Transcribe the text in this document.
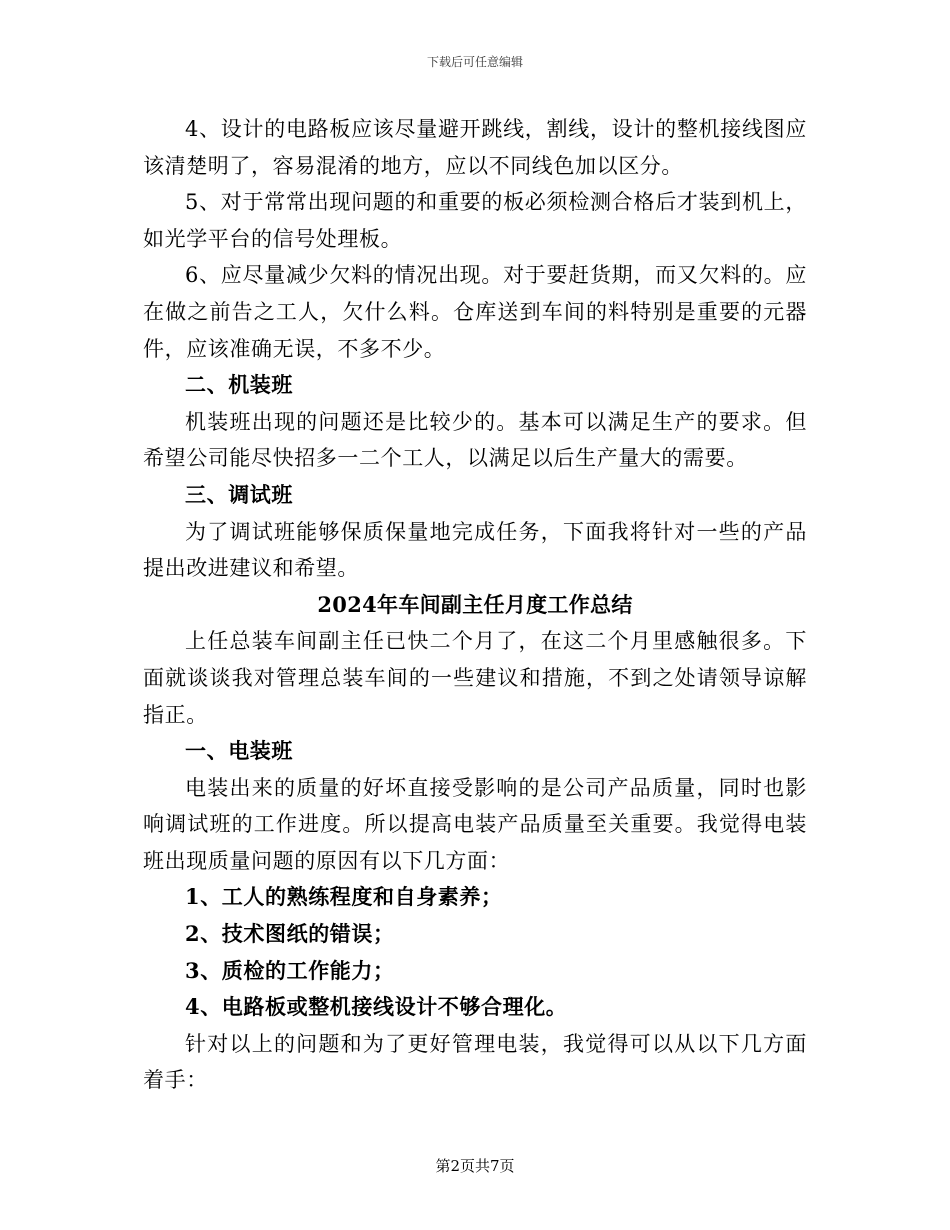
下载后可任意编辑

4、设计的电路板应该尽量避开跳线，割线，设计的整机接线图应该清楚明了，容易混淆的地方，应以不同线色加以区分。

5、对于常常出现问题的和重要的板必须检测合格后才装到机上，如光学平台的信号处理板。

6、应尽量减少欠料的情况出现。对于要赶货期，而又欠料的。应在做之前告之工人，欠什么料。仓库送到车间的料特别是重要的元器件，应该准确无误，不多不少。

二、机装班

机装班出现的问题还是比较少的。基本可以满足生产的要求。但希望公司能尽快招多一二个工人，以满足以后生产量大的需要。

三、调试班

为了调试班能够保质保量地完成任务，下面我将针对一些的产品提出改进建议和希望。

2024年车间副主任月度工作总结

上任总装车间副主任已快二个月了，在这二个月里感触很多。下面就谈谈我对管理总装车间的一些建议和措施，不到之处请领导谅解指正。

一、电装班

电装出来的质量的好坏直接受影响的是公司产品质量，同时也影响调试班的工作进度。所以提高电装产品质量至关重要。我觉得电装班出现质量问题的原因有以下几方面：

1、工人的熟练程度和自身素养；

2、技术图纸的错误；

3、质检的工作能力；

4、电路板或整机接线设计不够合理化。

针对以上的问题和为了更好管理电装，我觉得可以从以下几方面着手：

第2页共7页
